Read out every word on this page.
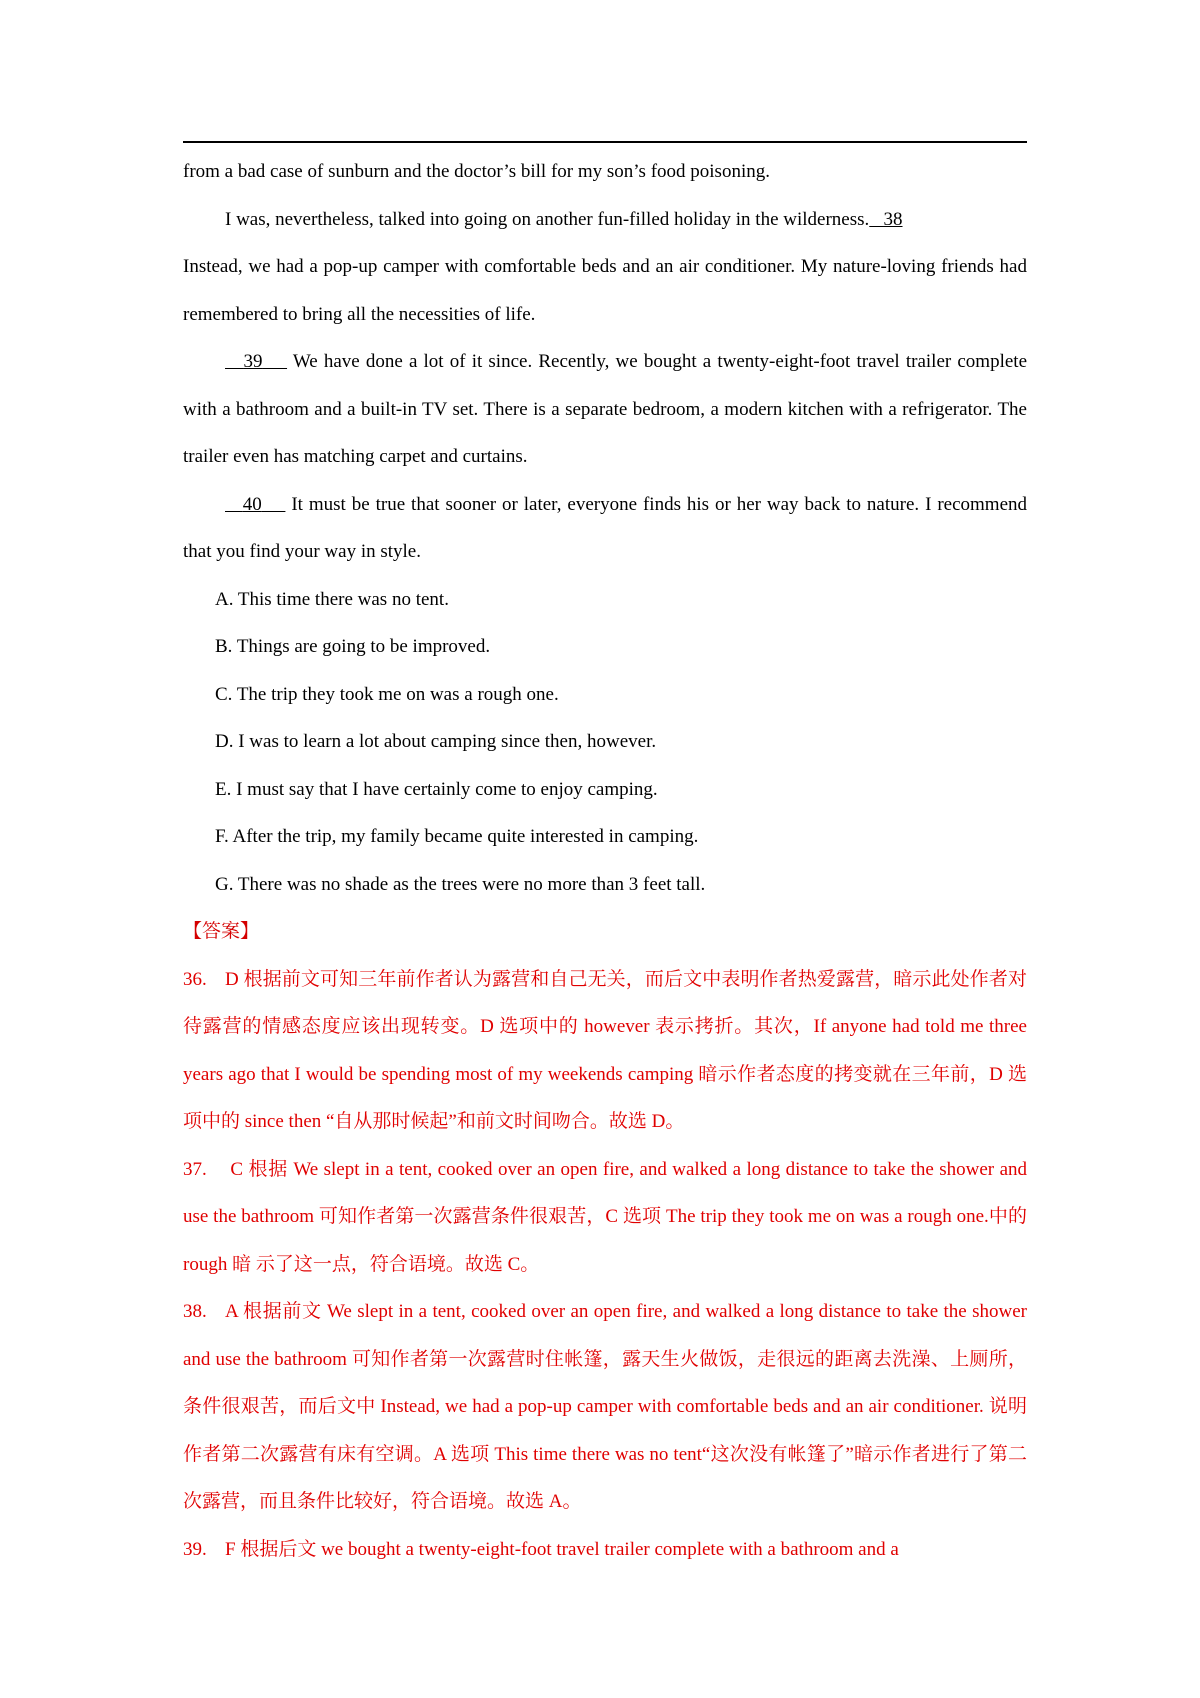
from a bad case of sunburn and the doctor’s bill for my son’s food poisoning.

I was, nevertheless, talked into going on another fun-filled holiday in the wilderness. 38
Instead, we had a pop-up camper with comfortable beds and an air conditioner. My nature-loving friends had remembered to bring all the necessities of life.

39 We have done a lot of it since. Recently, we bought a twenty-eight-foot travel trailer complete with a bathroom and a built-in TV set. There is a separate bedroom, a modern kitchen with a refrigerator. The trailer even has matching carpet and curtains.

40 It must be true that sooner or later, everyone finds his or her way back to nature. I recommend that you find your way in style.

A. This time there was no tent.

B. Things are going to be improved.

C. The trip they took me on was a rough one.

D. I was to learn a lot about camping since then, however.

E. I must say that I have certainly come to enjoy camping.

F. After the trip, my family became quite interested in camping.

G. There was no shade as the trees were no more than 3 feet tall.

【答案】

36. D 根据前文可知三年前作者认为露营和自己无关，而后文中表明作者热爱露营，暗示此处作者对待露营的情感态度应该出现转变。D 选项中的 however 表示拷折。其次，If anyone had told me three years ago that I would be spending most of my weekends camping 暗示作者态度的拷变就在三年前，D 选项中的 since then “自从那时候起”和前文时间吻合。故选 D。

37. C 根据 We slept in a tent, cooked over an open fire, and walked a long distance to take the shower and use the bathroom 可知作者第一次露营条件很艰苦，C 选项 The trip they took me on was a rough one.中的 rough 暗 示了这一点，符合语境。故选 C。

38. A 根据前文 We slept in a tent, cooked over an open fire, and walked a long distance to take the shower and use the bathroom 可知作者第一次露营时住帐篷，露天生火做饭，走很远的距离去洗澡、上厕所，条件很艰苦，而后文中 Instead, we had a pop-up camper with comfortable beds and an air conditioner. 说明作者第二次露营有床有空调。A 选项 This time there was no tent“这次没有帐篷了”暗示作者进行了第二次露营，而且条件比较好，符合语境。故选 A。

39. F 根据后文 we bought a twenty-eight-foot travel trailer complete with a bathroom and a
